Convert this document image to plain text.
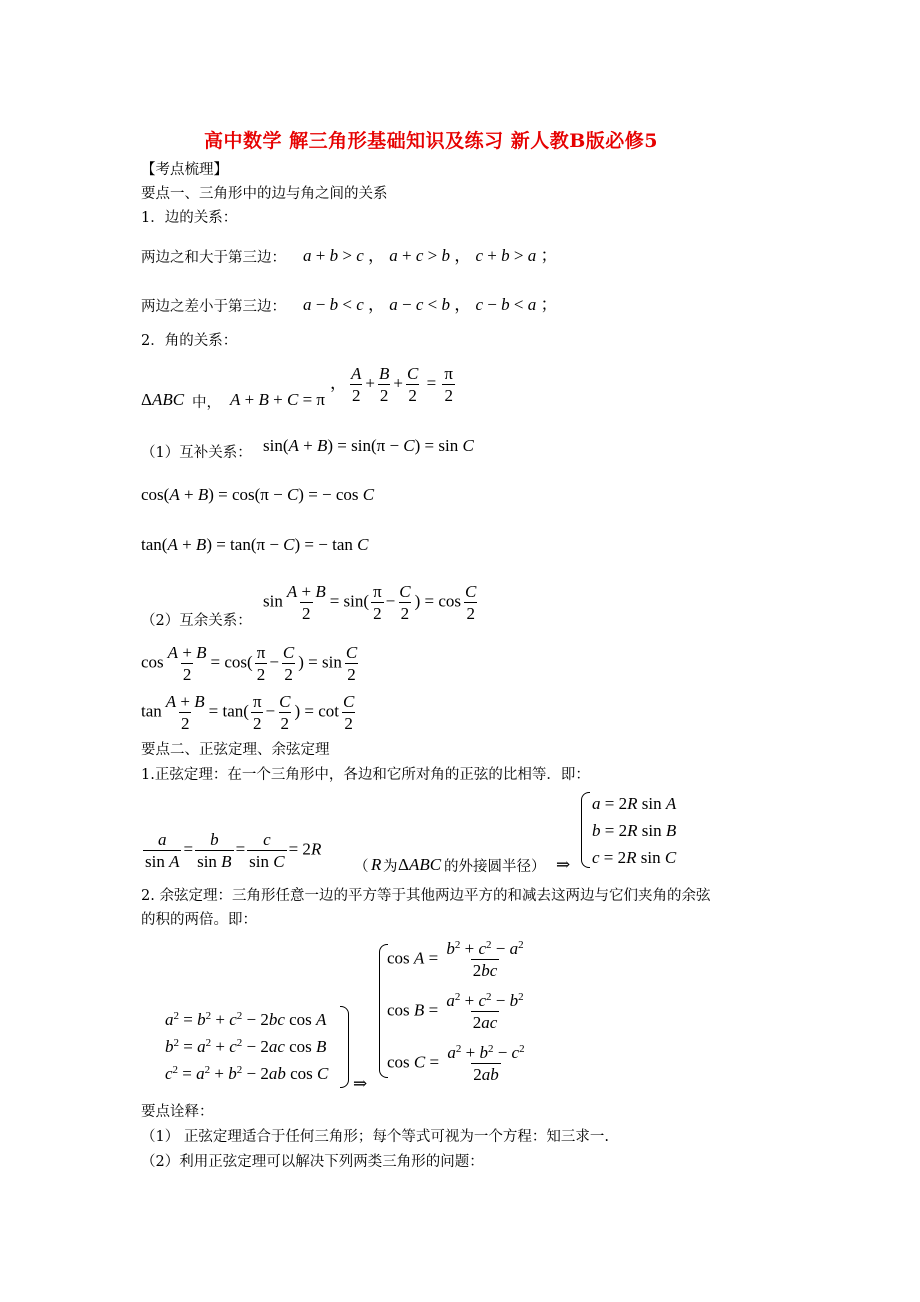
高中数学 解三角形基础知识及练习 新人教B版必修5
【考点梳理】
要点一、三角形中的边与角之间的关系
1．边的关系：
两边之和大于第三边： a + b > c ， a + c > b ， c + b > a ；
两边之差小于第三边： a − b < c ， a − c < b ， c − b < a ；
2．角的关系：
ΔABC 中， A + B + C = π
， $\frac{A}{2} + \frac{B}{2} + \frac{C}{2} = \frac{\pi}{2}$
（1）互补关系： sin(A + B) = sin(π − C) = sin C
cos(A + B) = cos(π − C) = − cos C
tan(A + B) = tan(π − C) = − tan C
$\sin \frac{A + B}{2} = \sin( \frac{\pi}{2} - \frac{C}{2}$ ) = $\cos \frac{C}{2}$
（2）互余关系：
$\cos \frac{A + B}{2} = \cos( \frac{\pi}{2} - \frac{C}{2}$ ) = $\sin \frac{C}{2}$
$\tan \frac{A + B}{2} = \tan( \frac{\pi}{2} - \frac{C}{2}$ ) = $\cot \frac{C}{2}$
要点二、正弦定理、余弦定理
1.正弦定理：在一个三角形中，各边和它所对角的正弦的比相等．即：
$\frac{a}{\text{sin A}} = \frac{b}{\text{sin B}} = \frac{c}{\text{sin C}} = 2R$
（ R 为 ΔABC 的外接圆半径） ⇒
a = 2R sin A
b = 2R sin B
c = 2R sin C
2. 余弦定理：三角形任意一边的平方等于其他两边平方的和减去这两边与它们夹角的余弦
的积的两倍。即：
$a^2 = b^2 + c^2 - 2bc$ cos A
$b^2 = a^2 + c^2 - 2ac$ cos B
$c^2 = a^2 + b^2 - 2ab$ cos C
⇒
$\cos A = \frac{b^2 + c^2 - a^2}{2bc}$
$\cos B = \frac{a^2 + c^2 - b^2}{2ac}$
$\cos C = \frac{a^2 + b^2 - c^2}{2ab}$
要点诠释：
（1） 正弦定理适合于任何三角形；每个等式可视为一个方程：知三求一.
（2）利用正弦定理可以解决下列两类三角形的问题：
